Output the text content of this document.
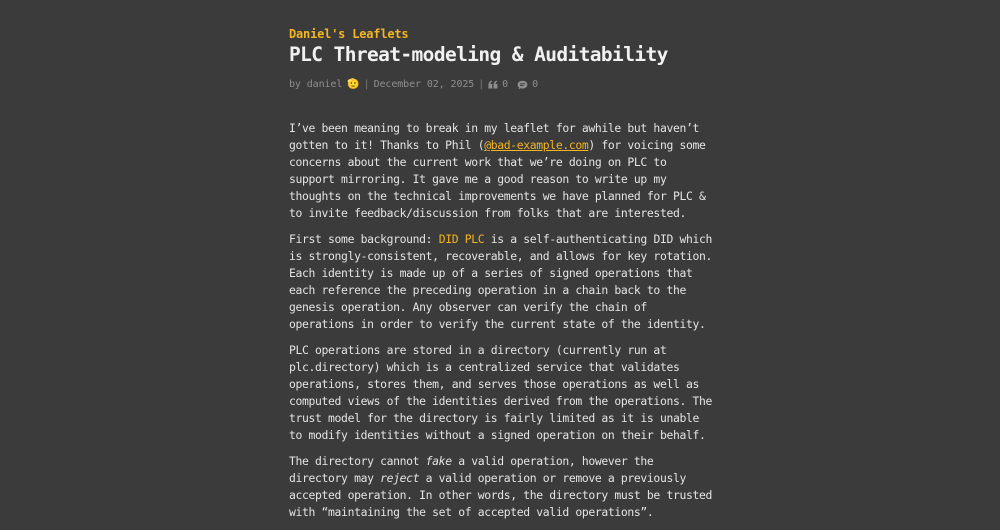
Daniel's Leaflets
PLC Threat-modeling & Auditability
by
daniel 🫡 | December 02, 2025 | 0 0

I’ve been meaning to break in my leaflet for awhile but haven’t gotten to it! Thanks to Phil (@bad-example.com) for voicing some concerns about the current work that we’re doing on PLC to support mirroring. It gave me a good reason to write up my thoughts on the technical improvements we have planned for PLC & to invite feedback/discussion from folks that are interested.

First some background: DID PLC is a self-authenticating DID which is strongly-consistent, recoverable, and allows for key rotation. Each identity is made up of a series of signed operations that each reference the preceding operation in a chain back to the genesis operation. Any observer can verify the chain of operations in order to verify the current state of the identity.

PLC operations are stored in a directory (currently run at plc.directory) which is a centralized service that validates operations, stores them, and serves those operations as well as computed views of the identities derived from the operations. The trust model for the directory is fairly limited as it is unable to modify identities without a signed operation on their behalf.

The directory cannot fake a valid operation, however the directory may reject a valid operation or remove a previously accepted operation. In other words, the directory must be trusted with “maintaining the set of accepted valid operations”.
